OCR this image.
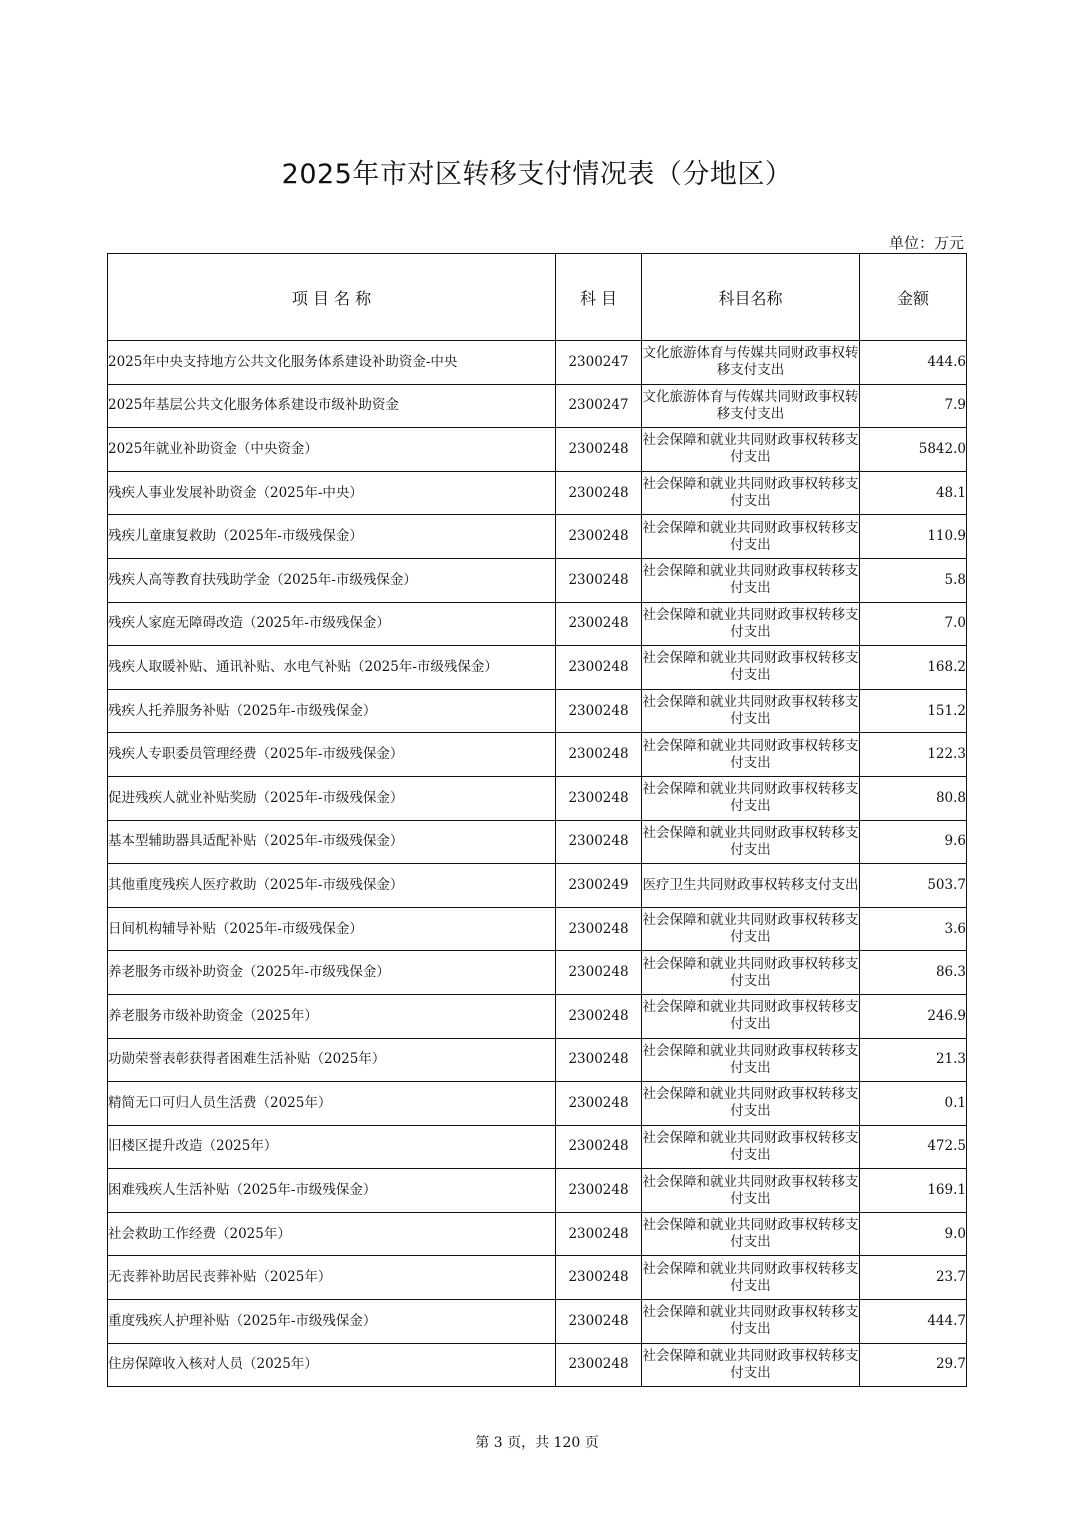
2025年市对区转移支付情况表（分地区）
单位：万元
项 目 名 称	科 目	科目名称	金额
2025年中央支持地方公共文化服务体系建设补助资金-中央	2300247	文化旅游体育与传媒共同财政事权转移支付支出	444.6
2025年基层公共文化服务体系建设市级补助资金	2300247	文化旅游体育与传媒共同财政事权转移支付支出	7.9
2025年就业补助资金（中央资金）	2300248	社会保障和就业共同财政事权转移支付支出	5842.0
残疾人事业发展补助资金（2025年-中央）	2300248	社会保障和就业共同财政事权转移支付支出	48.1
残疾儿童康复救助（2025年-市级残保金）	2300248	社会保障和就业共同财政事权转移支付支出	110.9
残疾人高等教育扶残助学金（2025年-市级残保金）	2300248	社会保障和就业共同财政事权转移支付支出	5.8
残疾人家庭无障碍改造（2025年-市级残保金）	2300248	社会保障和就业共同财政事权转移支付支出	7.0
残疾人取暖补贴、通讯补贴、水电气补贴（2025年-市级残保金）	2300248	社会保障和就业共同财政事权转移支付支出	168.2
残疾人托养服务补贴（2025年-市级残保金）	2300248	社会保障和就业共同财政事权转移支付支出	151.2
残疾人专职委员管理经费（2025年-市级残保金）	2300248	社会保障和就业共同财政事权转移支付支出	122.3
促进残疾人就业补贴奖励（2025年-市级残保金）	2300248	社会保障和就业共同财政事权转移支付支出	80.8
基本型辅助器具适配补贴（2025年-市级残保金）	2300248	社会保障和就业共同财政事权转移支付支出	9.6
其他重度残疾人医疗救助（2025年-市级残保金）	2300249	医疗卫生共同财政事权转移支付支出	503.7
日间机构辅导补贴（2025年-市级残保金）	2300248	社会保障和就业共同财政事权转移支付支出	3.6
养老服务市级补助资金（2025年-市级残保金）	2300248	社会保障和就业共同财政事权转移支付支出	86.3
养老服务市级补助资金（2025年）	2300248	社会保障和就业共同财政事权转移支付支出	246.9
功勋荣誉表彰获得者困难生活补贴（2025年）	2300248	社会保障和就业共同财政事权转移支付支出	21.3
精简无口可归人员生活费（2025年）	2300248	社会保障和就业共同财政事权转移支付支出	0.1
旧楼区提升改造（2025年）	2300248	社会保障和就业共同财政事权转移支付支出	472.5
困难残疾人生活补贴（2025年-市级残保金）	2300248	社会保障和就业共同财政事权转移支付支出	169.1
社会救助工作经费（2025年）	2300248	社会保障和就业共同财政事权转移支付支出	9.0
无丧葬补助居民丧葬补贴（2025年）	2300248	社会保障和就业共同财政事权转移支付支出	23.7
重度残疾人护理补贴（2025年-市级残保金）	2300248	社会保障和就业共同财政事权转移支付支出	444.7
住房保障收入核对人员（2025年）	2300248	社会保障和就业共同财政事权转移支付支出	29.7
第 3 页，共 120 页
